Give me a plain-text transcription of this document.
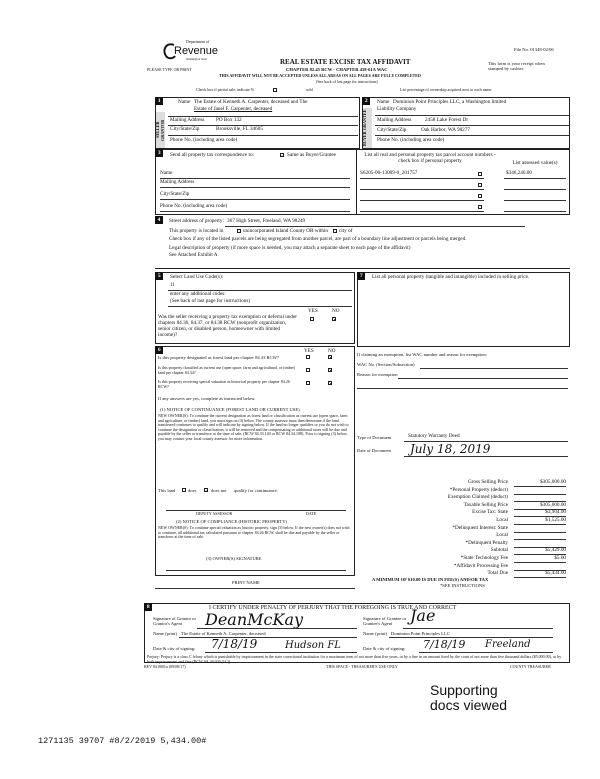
File No. 01348-02/06
Department of
Revenue
Washington State
PLEASE TYPE OR PRINT
REAL ESTATE EXCISE TAX AFFIDAVIT
CHAPTER 82.45 RCW - CHAPTER 458-61A WAC
THIS AFFIDAVIT WILL NOT BE ACCEPTED UNLESS ALL AREAS ON ALL PAGES ARE FULLY COMPLETED
(See back of last page for instructions)
This form is your receipt when stamped by cashier.
Check box if partial sale, indicate %	sold	List percentage of ownership acquired next to each name.
1
SELLER GRANTOR
Name The Estate of Kenneth A. Carpenter, deceased and The
Estate of Janel F. Carpenter, deceased
Mailing Address PO Box 132
City/State/Zip	Brooksville, FL 34605
Phone No. (including area code)
2
BUYER GRANTEE
Name Dominion Point Principles LLC, a Washington limited
Liability Company
Mailing Address	2458 Lake Forest Dr
City/State/Zip	Oak Harbor, WA 98277
Phone No. (including area code)
3	Send all property tax correspondence to:	✓ Same as Buyer/Grantee
Name
Mailing Address
City/State/Zip
Phone No. (including area code)
List all real and personal property tax parcel account numbers - check box if personal property	List assessed value(s)
S6205-00-13009-0_201757	$346,240.00
4	Street address of property: 367 High Street, Freeland, WA 98249
This property is located in	unincorporated Island County OR within city of
Check box if any of the listed parcels are being segregated from another parcel, are part of a boundary line adjustment or parcels being merged.
Legal description of property (if more space is needed, you may attach a separate sheet to each page of the affidavit)
See Attached Exhibit A
5	Select Land Use Code(s):
11
enter any additional codes:
(See back of last page for instructions)
YES	NO
Was the seller receiving a property tax exemption or deferral under chapters 84.36, 84.37, or 84.38 RCW (nonprofit organization, senior citizen, or disabled person, homeowner with limited income)?
✕
6	YES	NO
Is this property designated as forest land per chapter 84.33 RCW?	✕
Is this property classified as current use (open space, farm and agricultural, or timber) land per chapter 84.34?	✕
Is this property receiving special valuation as historical property per chapter 84.26 RCW?
✕
If any answers are yes, complete as instructed below.
(1) NOTICE OF CONTINUANCE (FOREST LAND OR CURRENT USE)
NEW OWNER(S): To continue the current designation as forest land or classification as current use (open space, farm and agriculture, or timber) land, you must sign on (3) below. The county assessor must then determine if the land transferred continues to qualify and will indicate by signing below. If the land no longer qualifies or you do not wish to continue the designation or classification, it will be removed and the compensating or additional taxes will be due and payable by the seller or transferor at the time of sale. (RCW 84.33.140 or RCW 84.34.108). Prior to signing (3) below, you may contact your local county assessor for more information.
This land	does ✓ does not qualify for continuance.
DEPUTY ASSESSOR	DATE
(2) NOTICE OF COMPLIANCE (HISTORIC PROPERTY)
NEW OWNER(S): To continue special valuation as historic property, sign (3) below. If the new owner(s) does not wish to continue, all additional tax calculated pursuant to chapter 84.26 RCW, shall be due and payable by the seller or transferor at the time of sale.
(3) OWNER(S) SIGNATURE
PRINT NAME
7	List all personal property (tangible and intangible) included in selling price.
If claiming an exemption, list WAC number and reason for exemption:
WAC No. (Section/Subsection)
Reason for exemption
Type of Document	Statutory Warranty Deed
Date of Document July 18, 2019
Gross Selling Price	$305,000.00
*Personal Property (deduct)

Exemption Claimed (deduct)

Taxable Selling Price	$305,000.00
Excise Tax: State	$3,904.00
Local	$1,525.00
*Delinquent Interest: State

Local

*Delinquent Penalty

Subtotal	$5,429.00
*State Technology Fee	$5.00
*Affidavit Processing Fee

Total Due	$5,434.00
A MINIMUM OF $10.00 IS DUE IN FEE(S) AND/OR TAX
*SEE INSTRUCTIONS
8	I CERTIFY UNDER PENALTY OF PERJURY THAT THE FOREGOING IS TRUE AND CORRECT
Signature of Grantor or Grantor's Agent	DeanMcKay	Signature of Grantee or Grantee's Agent	Jae
Name (print) The Estate of Kenneth A. Carpenter, deceased	Name (print) Dominion Point Principles LLC
Date & city of signing: 7/18/19	Hudson FL	Date & city of signing: 7/18/19 Freeland
Perjury: Perjury is a class C felony which is punishable by imprisonment in the state correctional institution for a maximum term of not more than five years, or by a fine in an amount fixed by the court of not more than five thousand dollars ($5,000.00), or by both imprisonment and fine (RCW 9A.20.020 (1C)).
REV 84 0001a (09/08/17)	THIS SPACE - TREASURER'S USE ONLY	COUNTY TREASURER
Supporting
docs viewed
1271135 39707 #8/2/2019 5,434.00#
